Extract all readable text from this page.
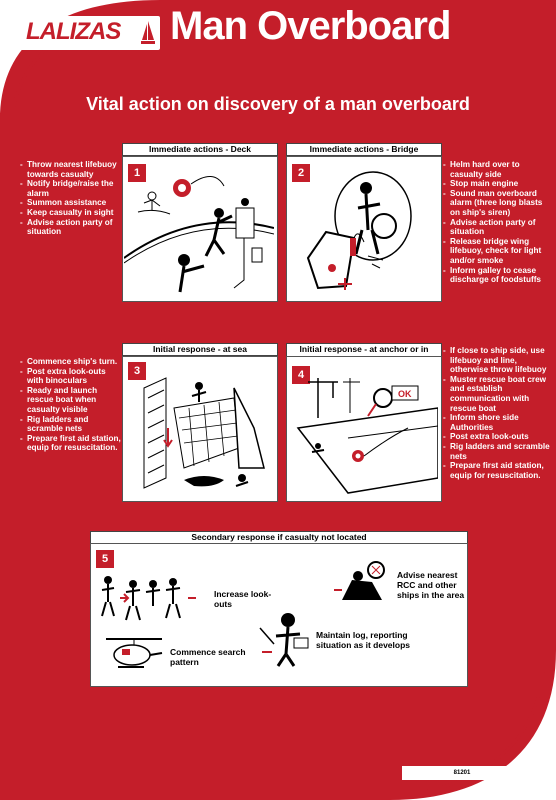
LALIZAS Man Overboard
Vital action on discovery of a man overboard
- Throw nearest lifebuoy towards casualty
- Notify bridge/raise the alarm
- Summon assistance
- Keep casualty in sight
- Advise action party of situation
Immediate actions - Deck
1
Immediate actions - Bridge
2
- Helm hard over to casualty side
- Stop main engine
- Sound man overboard alarm (three long blasts on ship's siren)
- Advise action party of situation
- Release bridge wing lifebuoy, check for light and/or smoke
- Inform galley to cease discharge of foodstuffs
- Commence ship's turn.
- Post extra look-outs with binoculars
- Ready and launch rescue boat when casualty visible
- Rig ladders and scramble nets
- Prepare first aid station, equip for resuscitation.
Initial response - at sea
3
Initial response - at anchor or in
4
OK
- If close to ship side, use lifebuoy and line, otherwise throw lifebuoy
- Muster rescue boat crew and establish communication with rescue boat
- Inform shore side Authorities
- Post extra look-outs
- Rig ladders and scramble nets
- Prepare first aid station, equip for resuscitation.
Secondary response if casualty not located
5
Increase look-outs
Advise nearest RCC and other ships in the area
Commence search pattern
Maintain log, reporting situation as it develops
81201
